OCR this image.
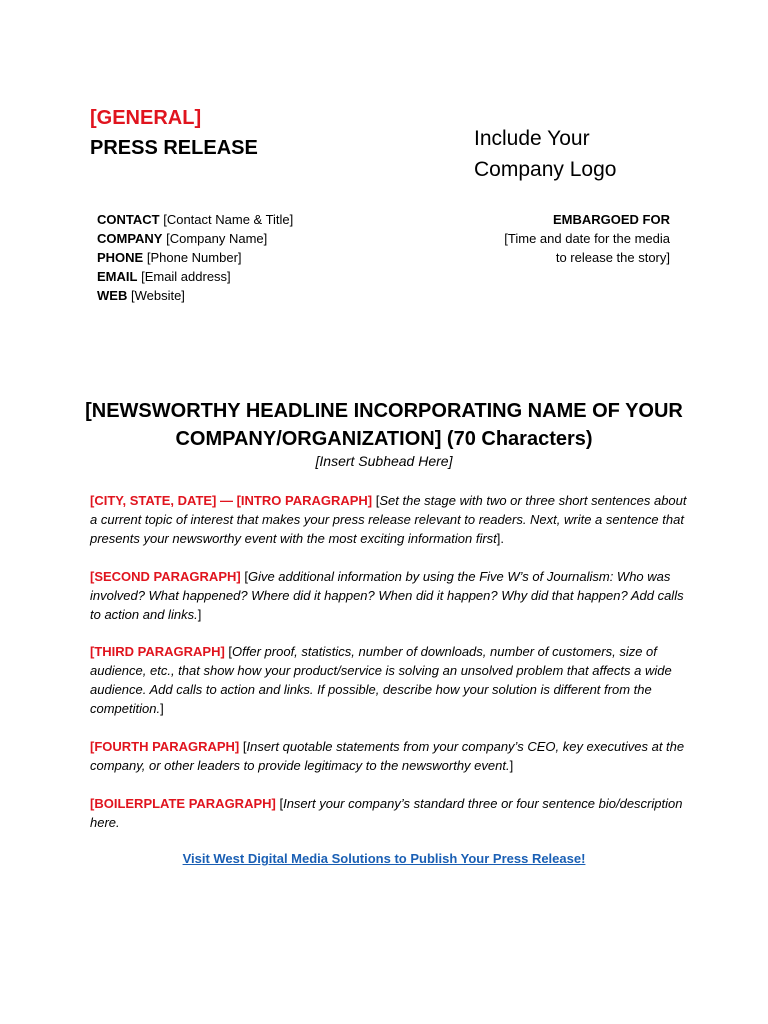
[GENERAL]
PRESS RELEASE	Include Your
Company Logo
CONTACT [Contact Name & Title]
COMPANY [Company Name]
PHONE [Phone Number]
EMAIL [Email address]
WEB [Website]
EMBARGOED FOR
[Time and date for the media
to release the story]
[NEWSWORTHY HEADLINE INCORPORATING NAME OF YOUR
COMPANY/ORGANIZATION] (70 Characters)
[Insert Subhead Here]
[CITY, STATE, DATE] — [INTRO PARAGRAPH] [Set the stage with two or three short sentences about a current topic of interest that makes your press release relevant to readers. Next, write a sentence that presents your newsworthy event with the most exciting information first].
[SECOND PARAGRAPH] [Give additional information by using the Five W’s of Journalism: Who was involved? What happened? Where did it happen? When did it happen? Why did that happen? Add calls to action and links.]
[THIRD PARAGRAPH] [Offer proof, statistics, number of downloads, number of customers, size of audience, etc., that show how your product/service is solving an unsolved problem that affects a wide audience. Add calls to action and links. If possible, describe how your solution is different from the competition.]
[FOURTH PARAGRAPH] [Insert quotable statements from your company’s CEO, key executives at the company, or other leaders to provide legitimacy to the newsworthy event.]
[BOILERPLATE PARAGRAPH] [Insert your company’s standard three or four sentence bio/description here.
Visit West Digital Media Solutions to Publish Your Press Release!
